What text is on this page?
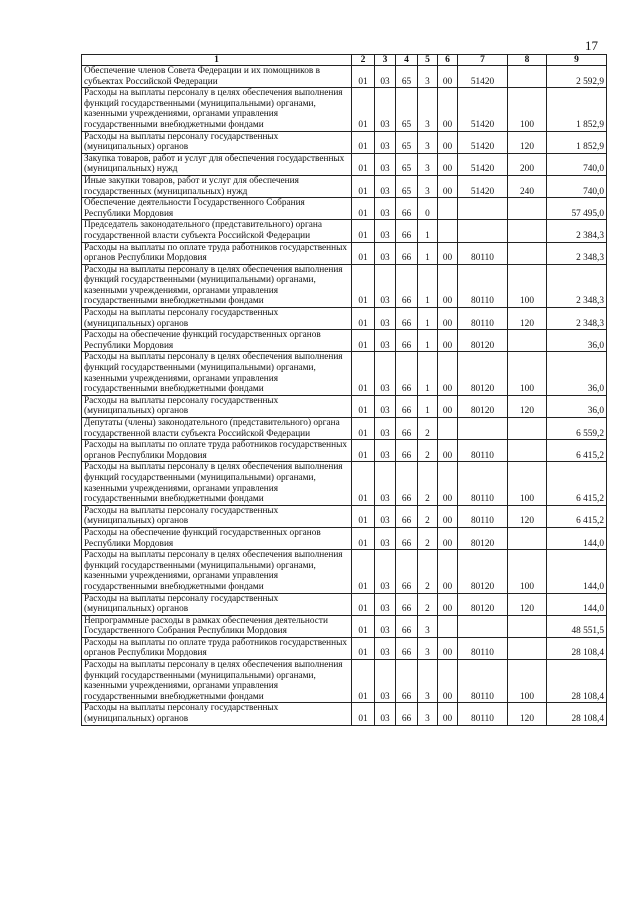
17
1	2	3	4	5	6	7	8	9
Обеспечение членов Совета Федерации и их помощников в субъектах Российской Федерации	01	03	65	3	00	51420		2 592,9
Расходы на выплаты персоналу в целях обеспечения выполнения функций государственными (муниципальными) органами, казенными учреждениями, органами управления государственными внебюджетными фондами	01	03	65	3	00	51420	100	1 852,9
Расходы на выплаты персоналу государственных (муниципальных) органов	01	03	65	3	00	51420	120	1 852,9
Закупка товаров, работ и услуг для обеспечения государственных (муниципальных) нужд	01	03	65	3	00	51420	200	740,0
Иные закупки товаров, работ и услуг для обеспечения государственных (муниципальных) нужд	01	03	65	3	00	51420	240	740,0
Обеспечение деятельности Государственного Собрания Республики Мордовия	01	03	66	0				57 495,0
Председатель законодательного (представительного) органа государственной власти субъекта Российской Федерации	01	03	66	1				2 384,3
Расходы на выплаты по оплате труда работников государственных органов Республики Мордовия	01	03	66	1	00	80110		2 348,3
Расходы на выплаты персоналу в целях обеспечения выполнения функций государственными (муниципальными) органами, казенными учреждениями, органами управления государственными внебюджетными фондами	01	03	66	1	00	80110	100	2 348,3
Расходы на выплаты персоналу государственных (муниципальных) органов	01	03	66	1	00	80110	120	2 348,3
Расходы на обеспечение функций государственных органов Республики Мордовия	01	03	66	1	00	80120		36,0
Расходы на выплаты персоналу в целях обеспечения выполнения функций государственными (муниципальными) органами, казенными учреждениями, органами управления государственными внебюджетными фондами	01	03	66	1	00	80120	100	36,0
Расходы на выплаты персоналу государственных (муниципальных) органов	01	03	66	1	00	80120	120	36,0
Депутаты (члены) законодательного (представительного) органа государственной власти субъекта Российской Федерации	01	03	66	2				6 559,2
Расходы на выплаты по оплате труда работников государственных органов Республики Мордовия	01	03	66	2	00	80110		6 415,2
Расходы на выплаты персоналу в целях обеспечения выполнения функций государственными (муниципальными) органами, казенными учреждениями, органами управления государственными внебюджетными фондами	01	03	66	2	00	80110	100	6 415,2
Расходы на выплаты персоналу государственных (муниципальных) органов	01	03	66	2	00	80110	120	6 415,2
Расходы на обеспечение функций государственных органов Республики Мордовия	01	03	66	2	00	80120		144,0
Расходы на выплаты персоналу в целях обеспечения выполнения функций государственными (муниципальными) органами, казенными учреждениями, органами управления государственными внебюджетными фондами	01	03	66	2	00	80120	100	144,0
Расходы на выплаты персоналу государственных (муниципальных) органов	01	03	66	2	00	80120	120	144,0
Непрограммные расходы в рамках обеспечения деятельности Государственного Собрания Республики Мордовия	01	03	66	3				48 551,5
Расходы на выплаты по оплате труда работников государственных органов Республики Мордовия	01	03	66	3	00	80110		28 108,4
Расходы на выплаты персоналу в целях обеспечения выполнения функций государственными (муниципальными) органами, казенными учреждениями, органами управления государственными внебюджетными фондами	01	03	66	3	00	80110	100	28 108,4
Расходы на выплаты персоналу государственных (муниципальных) органов	01	03	66	3	00	80110	120	28 108,4
